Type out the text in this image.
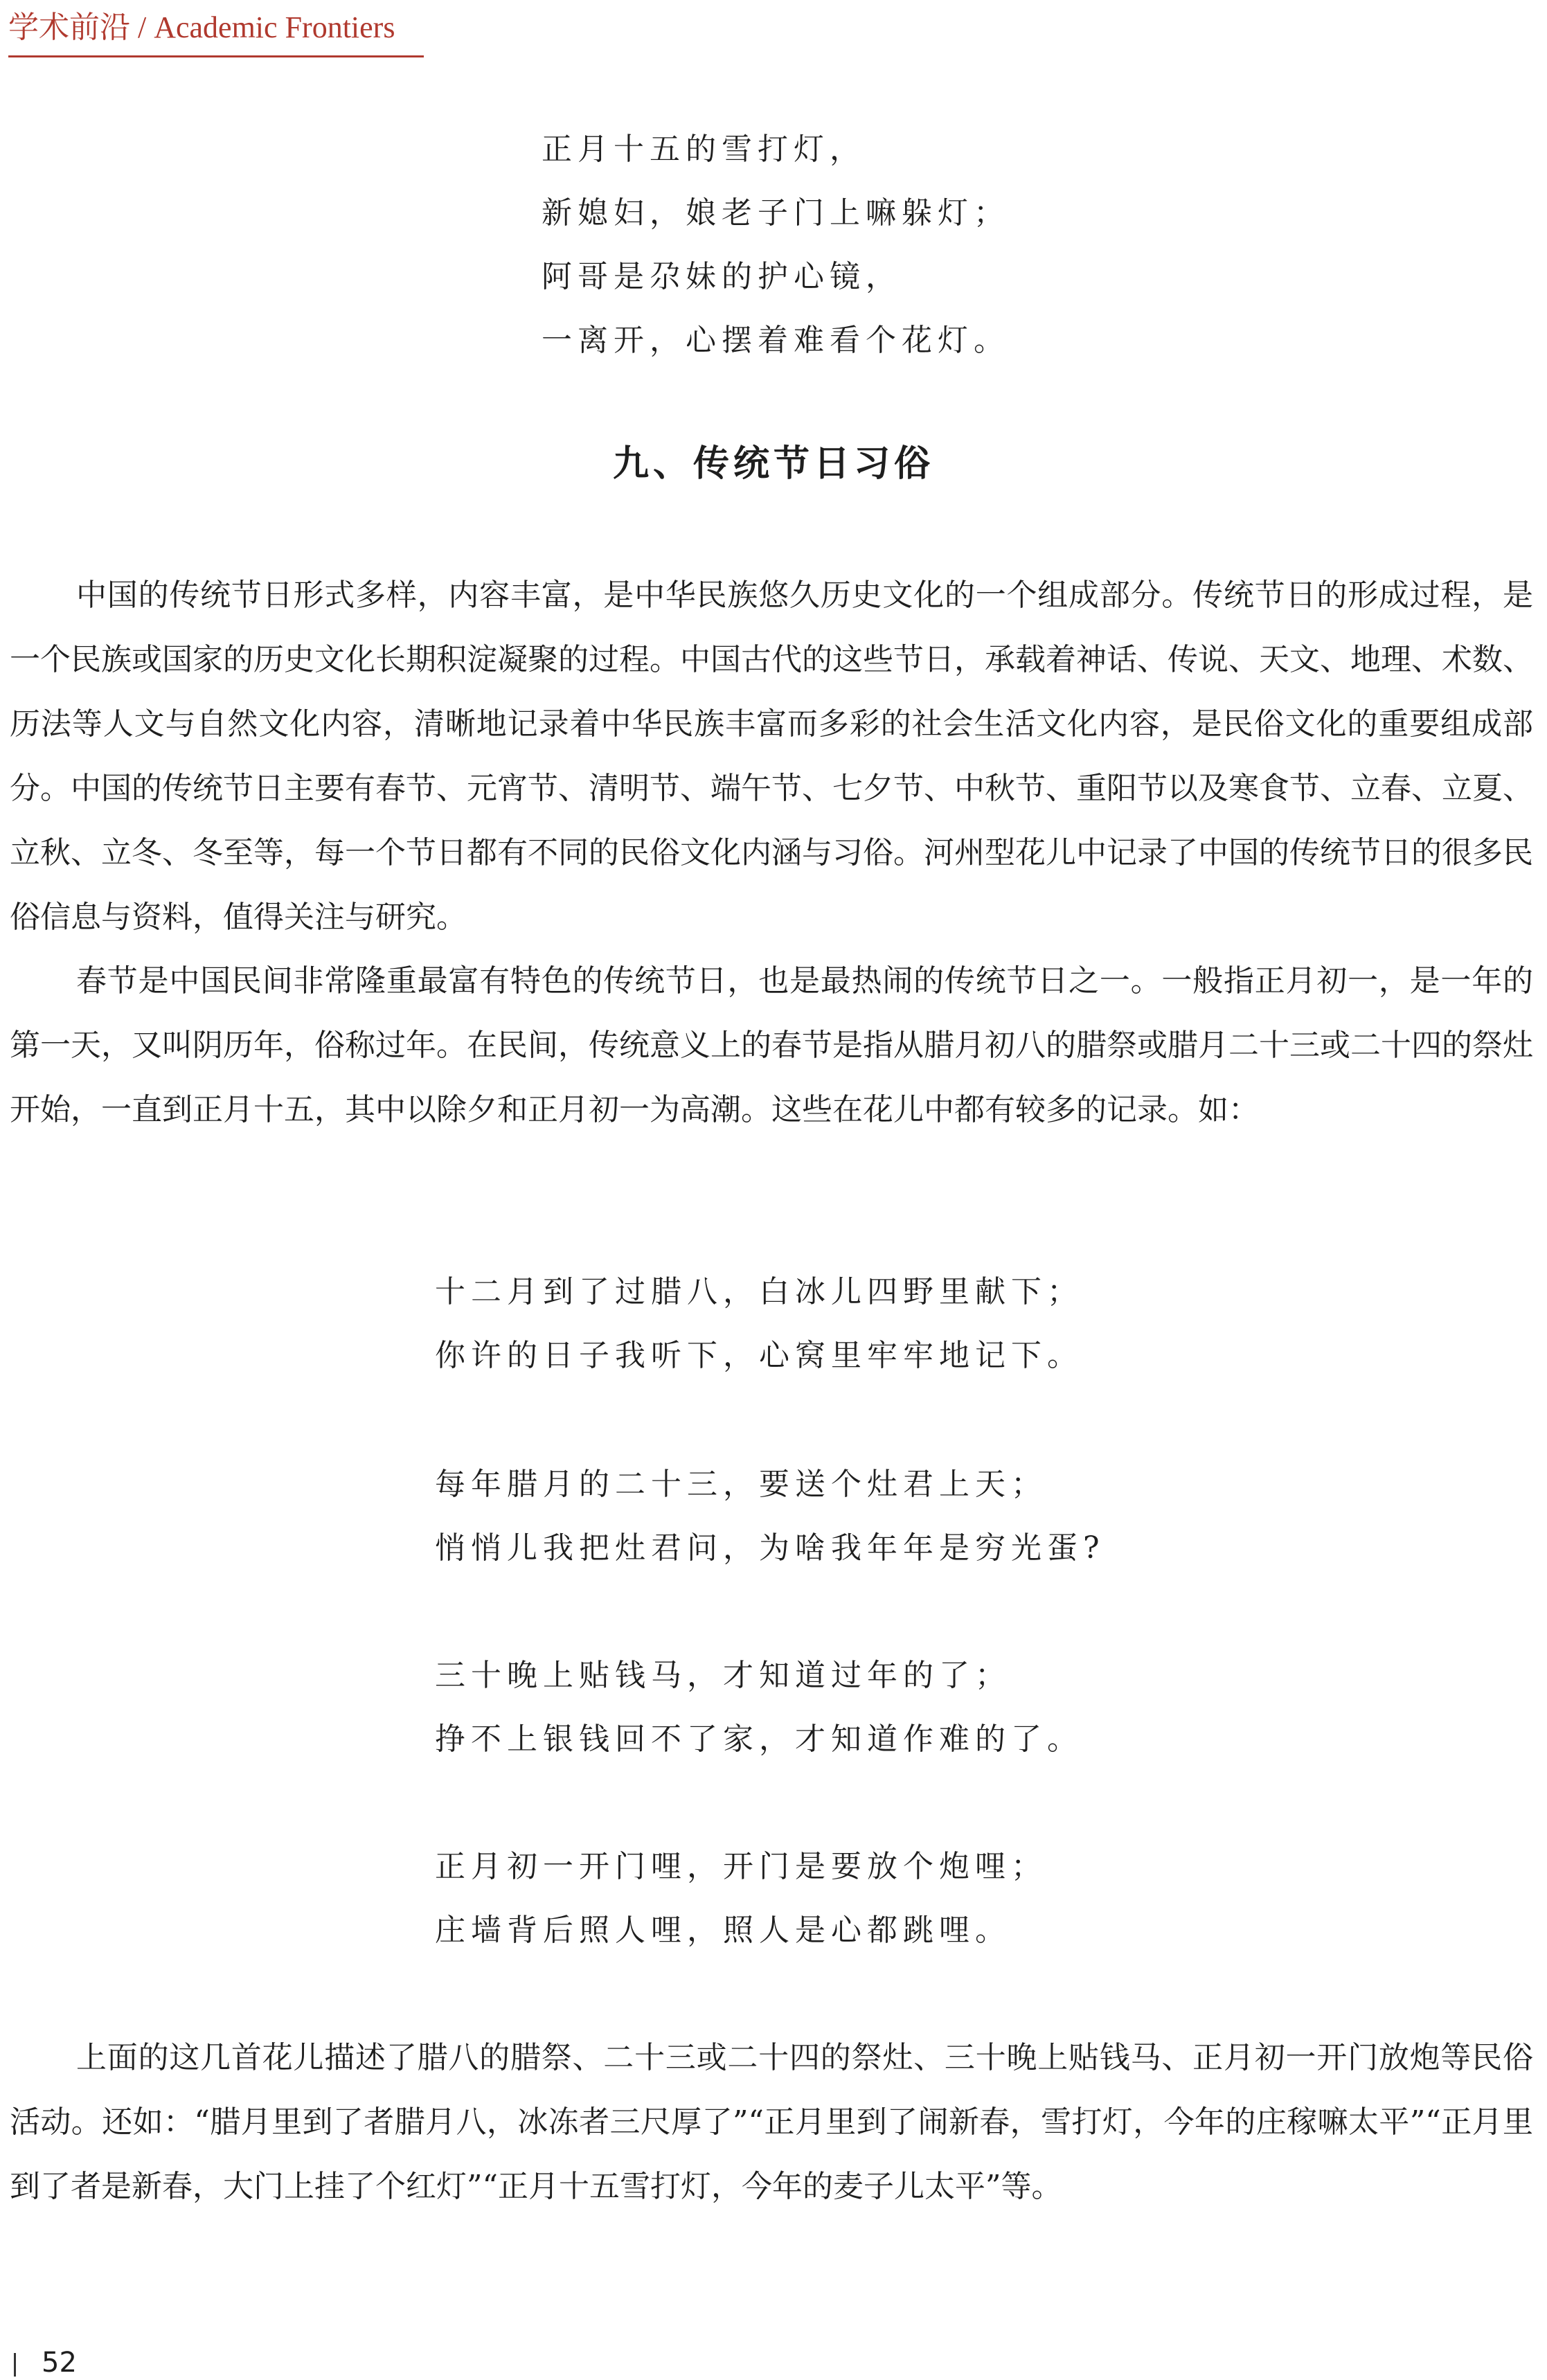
学术前沿 / Academic Frontiers
正月十五的雪打灯，
新媳妇，娘老子门上嘛躲灯；
阿哥是尕妹的护心镜，
一离开，心摆着难看个花灯。
九、传统节日习俗

中国的传统节日形式多样，内容丰富，是中华民族悠久历史文化的一个组成部分。传统节日的形成过程，是一个民族或国家的历史文化长期积淀凝聚的过程。中国古代的这些节日，承载着神话、传说、天文、地理、术数、历法等人文与自然文化内容，清晰地记录着中华民族丰富而多彩的社会生活文化内容，是民俗文化的重要组成部分。中国的传统节日主要有春节、元宵节、清明节、端午节、七夕节、中秋节、重阳节以及寒食节、立春、立夏、立秋、立冬、冬至等，每一个节日都有不同的民俗文化内涵与习俗。河州型花儿中记录了中国的传统节日的很多民俗信息与资料，值得关注与研究。

春节是中国民间非常隆重最富有特色的传统节日，也是最热闹的传统节日之一。一般指正月初一，是一年的第一天，又叫阴历年，俗称过年。在民间，传统意义上的春节是指从腊月初八的腊祭或腊月二十三或二十四的祭灶开始，一直到正月十五，其中以除夕和正月初一为高潮。这些在花儿中都有较多的记录。如：

十二月到了过腊八，白冰儿四野里献下；
你许的日子我听下，心窝里牢牢地记下。
每年腊月的二十三，要送个灶君上天；
悄悄儿我把灶君问，为啥我年年是穷光蛋?
三十晚上贴钱马，才知道过年的了；
挣不上银钱回不了家，才知道作难的了。
正月初一开门哩，开门是要放个炮哩；
庄墙背后照人哩，照人是心都跳哩。

上面的这几首花儿描述了腊八的腊祭、二十三或二十四的祭灶、三十晚上贴钱马、正月初一开门放炮等民俗活动。还如：“腊月里到了者腊月八，冰冻者三尺厚了”“正月里到了闹新春，雪打灯，今年的庄稼嘛太平”“正月里到了者是新春，大门上挂了个红灯”“正月十五雪打灯，今年的麦子儿太平”等。

52
